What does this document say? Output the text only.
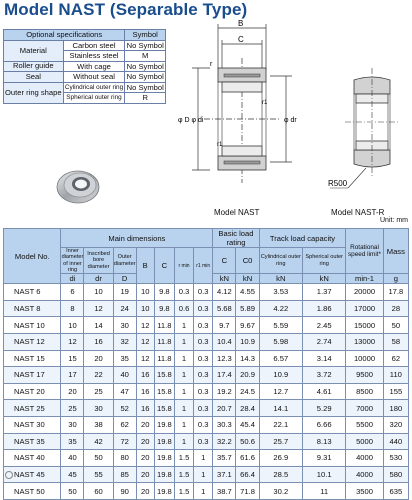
Model NAST (Separable Type)
Optional specifications		Symbol
Material	Carbon steel	No Symbol
	Stainless steel	M
Roller guide	With cage	No Symbol
Seal	Without seal	No Symbol
Outer ring shape	Cylindrical outer ring	No Symbol
	Spherical outer ring	R
B
C
r
r1
r1
φ D φ di	φ dr
R500
Model NAST	Model NAST-R
Unit: mm
Model No.	Main dimensions							Basic load rating		Track load capacity		Rotational speed limit*	Mass
	Inner diameter of inner ring	Inscribed bore diameter	Outer diameter	B	C	r min	r1 min	C	C0	Cylindrical outer ring	Spherical outer ring		
	di	dr	D					kN	kN	kN	kN	min-1	g
NAST 6	6	10	19	10	9.8	0.3	0.3	4.12	4.55	3.53	1.37	20000	17.8
NAST 8	8	12	24	10	9.8	0.6	0.3	5.68	5.89	4.22	1.86	17000	28
NAST 10	10	14	30	12	11.8	1	0.3	9.7	9.67	5.59	2.45	15000	50
NAST 12	12	16	32	12	11.8	1	0.3	10.4	10.9	5.98	2.74	13000	58
NAST 15	15	20	35	12	11.8	1	0.3	12.3	14.3	6.57	3.14	10000	62
NAST 17	17	22	40	16	15.8	1	0.3	17.4	20.9	10.9	3.72	9500	110
NAST 20	20	25	47	16	15.8	1	0.3	19.2	24.5	12.7	4.61	8500	155
NAST 25	25	30	52	16	15.8	1	0.3	20.7	28.4	14.1	5.29	7000	180
NAST 30	30	38	62	20	19.8	1	0.3	30.3	45.4	22.1	6.66	5500	320
NAST 35	35	42	72	20	19.8	1	0.3	32.2	50.6	25.7	8.13	5000	440
NAST 40	40	50	80	20	19.8	1.5	1	35.7	61.6	26.9	9.31	4000	530

NAST 45	45	55	85	20	19.8	1.5	1	37.1	66.4	28.5	10.1	4000	580
NAST 50	50	60	90	20	19.8	1.5	1	38.7	71.8	30.2	11	3500	635
